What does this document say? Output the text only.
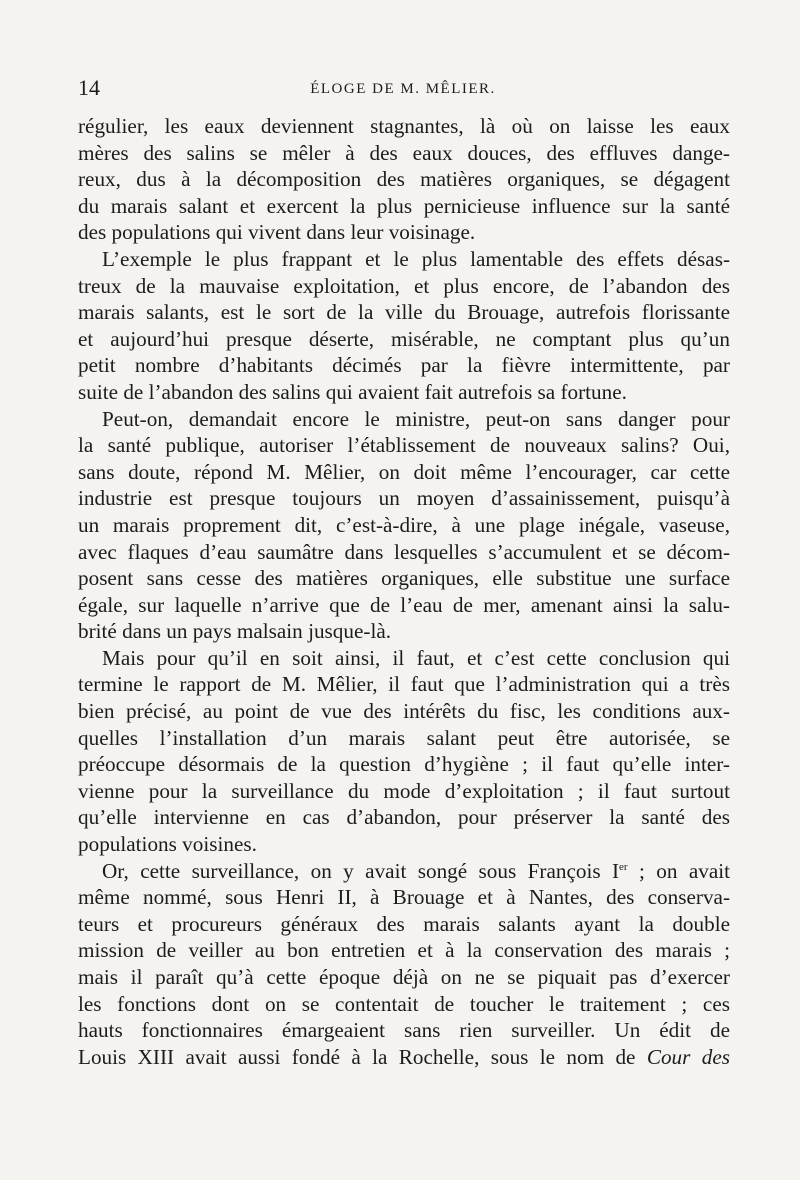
14	ÉLOGE DE M. MÊLIER.
régulier, les eaux deviennent stagnantes, là où on laisse les eaux
mères des salins se mêler à des eaux douces, des effluves dange-
reux, dus à la décomposition des matières organiques, se dégagent
du marais salant et exercent la plus pernicieuse influence sur la santé
des populations qui vivent dans leur voisinage.
L’exemple le plus frappant et le plus lamentable des effets désas-
treux de la mauvaise exploitation, et plus encore, de l’abandon des
marais salants, est le sort de la ville du Brouage, autrefois florissante
et aujourd’hui presque déserte, misérable, ne comptant plus qu’un
petit nombre d’habitants décimés par la fièvre intermittente, par
suite de l’abandon des salins qui avaient fait autrefois sa fortune.
Peut-on, demandait encore le ministre, peut-on sans danger pour
la santé publique, autoriser l’établissement de nouveaux salins? Oui,
sans doute, répond M. Mêlier, on doit même l’encourager, car cette
industrie est presque toujours un moyen d’assainissement, puisqu’à
un marais proprement dit, c’est-à-dire, à une plage inégale, vaseuse,
avec flaques d’eau saumâtre dans lesquelles s’accumulent et se décom-
posent sans cesse des matières organiques, elle substitue une surface
égale, sur laquelle n’arrive que de l’eau de mer, amenant ainsi la salu-
brité dans un pays malsain jusque-là.
Mais pour qu’il en soit ainsi, il faut, et c’est cette conclusion qui
termine le rapport de M. Mêlier, il faut que l’administration qui a très
bien précisé, au point de vue des intérêts du fisc, les conditions aux-
quelles l’installation d’un marais salant peut être autorisée, se
préoccupe désormais de la question d’hygiène ; il faut qu’elle inter-
vienne pour la surveillance du mode d’exploitation ; il faut surtout
qu’elle intervienne en cas d’abandon, pour préserver la santé des
populations voisines.
Or, cette surveillance, on y avait songé sous François Ier ; on avait
même nommé, sous Henri II, à Brouage et à Nantes, des conserva-
teurs et procureurs généraux des marais salants ayant la double
mission de veiller au bon entretien et à la conservation des marais ;
mais il paraît qu’à cette époque déjà on ne se piquait pas d’exercer
les fonctions dont on se contentait de toucher le traitement ; ces
hauts fonctionnaires émargeaient sans rien surveiller. Un édit de
Louis XIII avait aussi fondé à la Rochelle, sous le nom de Cour des
